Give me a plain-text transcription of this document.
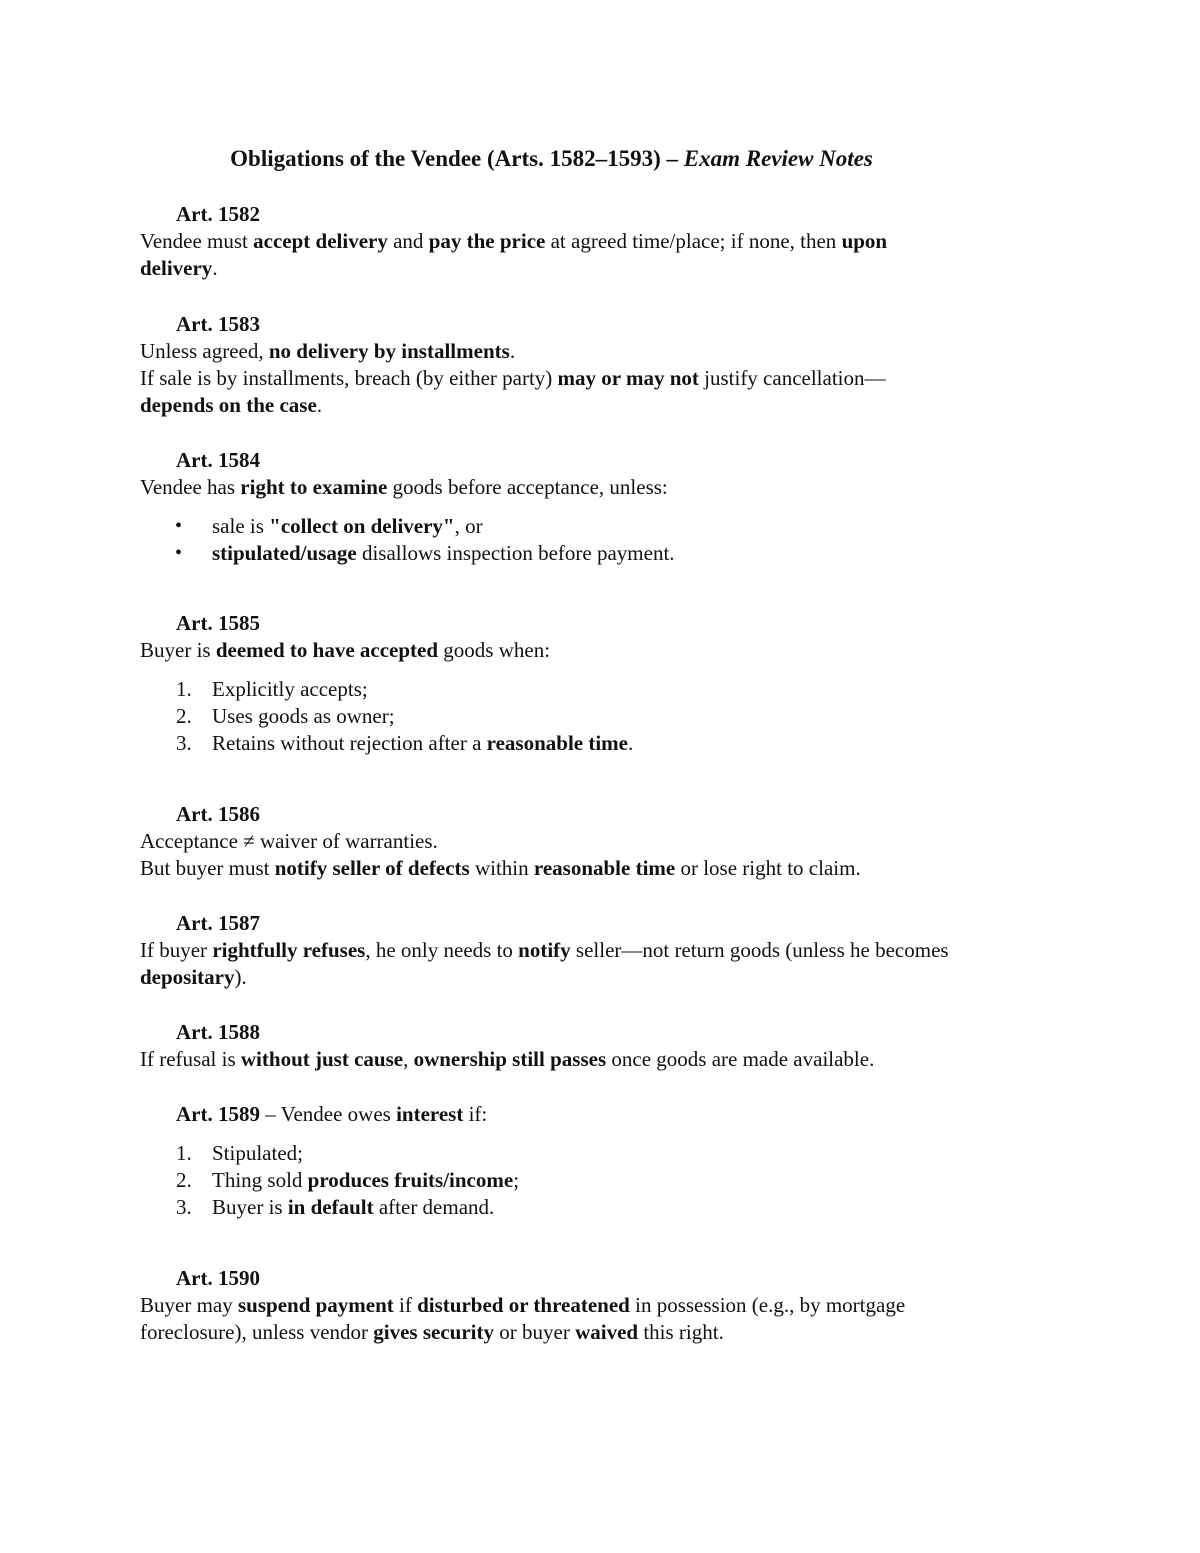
Obligations of the Vendee (Arts. 1582–1593) – Exam Review Notes
Art. 1582

Vendee must accept delivery and pay the price at agreed time/place; if none, then upon

delivery.

Art. 1583

Unless agreed, no delivery by installments.

If sale is by installments, breach (by either party) may or may not justify cancellation—

depends on the case.

Art. 1584

Vendee has right to examine goods before acceptance, unless:

• sale is "collect on delivery", or
• stipulated/usage disallows inspection before payment.
Art. 1585

Buyer is deemed to have accepted goods when:

1. Explicitly accepts;
2. Uses goods as owner;
3. Retains without rejection after a reasonable time.
Art. 1586

Acceptance ≠ waiver of warranties.

But buyer must notify seller of defects within reasonable time or lose right to claim.

Art. 1587

If buyer rightfully refuses, he only needs to notify seller—not return goods (unless he becomes

depositary).

Art. 1588

If refusal is without just cause, ownership still passes once goods are made available.

Art. 1589 – Vendee owes interest if:
1. Stipulated;
2. Thing sold produces fruits/income;
3. Buyer is in default after demand.
Art. 1590

Buyer may suspend payment if disturbed or threatened in possession (e.g., by mortgage

foreclosure), unless vendor gives security or buyer waived this right.
